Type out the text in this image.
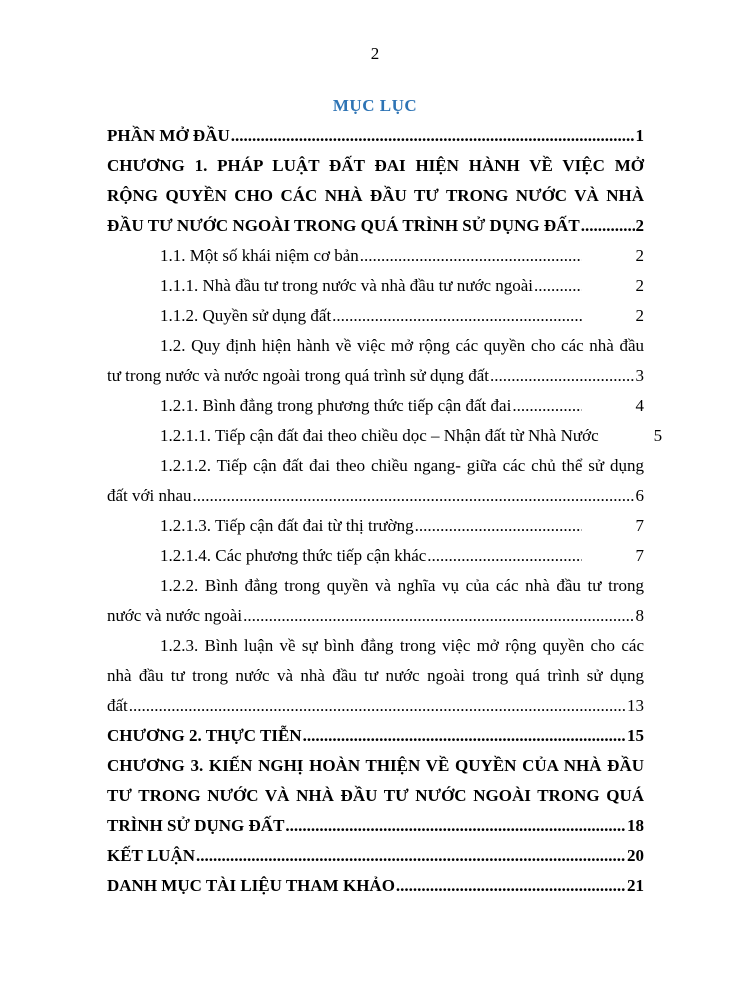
2
MỤC LỤC
PHẦN MỞ ĐẦU .....	1
CHƯƠNG 1. PHÁP LUẬT ĐẤT ĐAI HIỆN HÀNH VỀ VIỆC MỞ
RỘNG QUYỀN CHO CÁC NHÀ ĐẦU TƯ TRONG NƯỚC VÀ NHÀ
ĐẦU TƯ NƯỚC NGOÀI TRONG QUÁ TRÌNH SỬ DỤNG ĐẤT .....	2
1.1. Một số khái niệm cơ bản .....	2
1.1.1. Nhà đầu tư trong nước và nhà đầu tư nước ngoài .....	2
1.1.2. Quyền sử dụng đất .....	2
1.2. Quy định hiện hành về việc mở rộng các quyền cho các nhà đầu
tư trong nước và nước ngoài trong quá trình sử dụng đất .....	3
1.2.1. Bình đẳng trong phương thức tiếp cận đất đai .....	4
1.2.1.1. Tiếp cận đất đai theo chiều dọc – Nhận đất từ Nhà Nước	5
1.2.1.2. Tiếp cận đất đai theo chiều ngang- giữa các chủ thể sử dụng
đất với nhau .....	6
1.2.1.3. Tiếp cận đất đai từ thị trường .....	7
1.2.1.4. Các phương thức tiếp cận khác .....	7
1.2.2. Bình đẳng trong quyền và nghĩa vụ của các nhà đầu tư trong
nước và nước ngoài .....	8
1.2.3. Bình luận về sự bình đẳng trong việc mở rộng quyền cho các
nhà đầu tư trong nước và nhà đầu tư nước ngoài trong quá trình sử dụng
đất .....	13
CHƯƠNG 2. THỰC TIỄN .....	15
CHƯƠNG 3. KIẾN NGHỊ HOÀN THIỆN VỀ QUYỀN CỦA NHÀ ĐẦU
TƯ TRONG NƯỚC VÀ NHÀ ĐẦU TƯ NƯỚC NGOÀI TRONG QUÁ
TRÌNH SỬ DỤNG ĐẤT .....	18
KẾT LUẬN .....	20
DANH MỤC TÀI LIỆU THAM KHẢO .....	21
